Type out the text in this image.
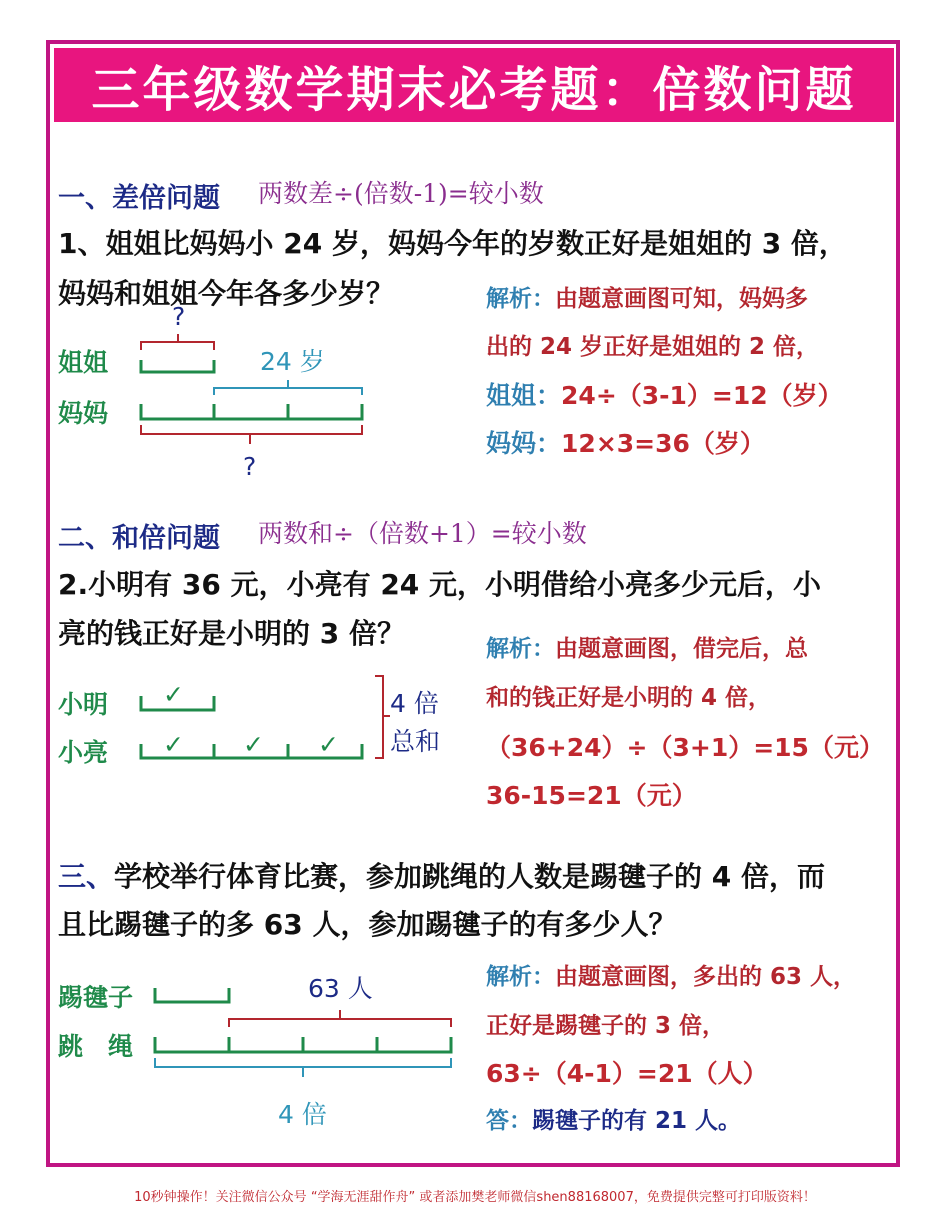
三年级数学期末必考题：倍数问题
一、差倍问题 两数差÷(倍数-1)=较小数
1、姐姐比妈妈小 24 岁，妈妈今年的岁数正好是姐姐的 3 倍，
妈妈和姐姐今年各多少岁？
姐姐
妈妈
?
?
24 岁
解析：由题意画图可知，妈妈多
出的 24 岁正好是姐姐的 2 倍，
姐姐：24÷（3-1）=12（岁）
妈妈：12×3=36（岁）
二、和倍问题 两数和÷（倍数+1）=较小数
2.小明有 36 元，小亮有 24 元，小明借给小亮多少元后，小
亮的钱正好是小明的 3 倍？
小明
小亮
✓
✓ ✓ ✓
4 倍
总和
解析：由题意画图，借完后，总
和的钱正好是小明的 4 倍，
（36+24）÷（3+1）=15（元）
36-15=21（元）
三、学校举行体育比赛，参加跳绳的人数是踢毽子的 4 倍，而
且比踢毽子的多 63 人，参加踢毽子的有多少人？
踢毽子
跳　绳
63 人
4 倍
解析：由题意画图，多出的 63 人，
正好是踢毽子的 3 倍，
63÷（4-1）=21（人）
答：踢毽子的有 21 人。
10秒钟操作！关注微信公众号 “学海无涯甜作舟” 或者添加樊老师微信shen88168007，免费提供完整可打印版资料！
